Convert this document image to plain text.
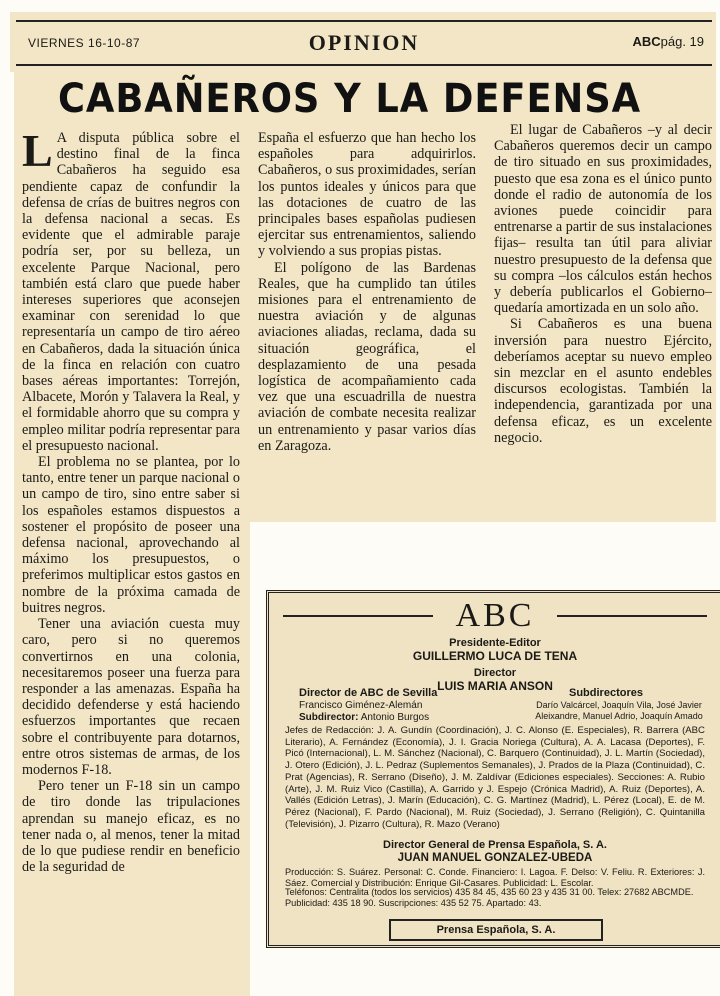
VIERNES 16-10-87	OPINION	ABCpág. 19
CABAÑEROS Y LA DEFENSA

L A disputa pública sobre el destino final de la finca Cabañeros ha seguido esa pendiente capaz de confundir la defensa de crías de buitres negros con la defensa nacional a secas. Es evidente que el admirable paraje podría ser, por su belleza, un excelente Parque Nacional, pero también está claro que puede haber intereses superiores que aconsejen examinar con serenidad lo que representaría un campo de tiro aéreo en Cabañeros, dada la situación única de la finca en relación con cuatro bases aéreas importantes: Torrejón, Albacete, Morón y Talavera la Real, y el formidable ahorro que su compra y empleo militar podría representar para el presupuesto nacional.

El problema no se plantea, por lo tanto, entre tener un parque nacional o un campo de tiro, sino entre saber si los españoles estamos dispuestos a sostener el propósito de poseer una defensa nacional, aprovechando al máximo los presupuestos, o preferimos multiplicar estos gastos en nombre de la próxima camada de buitres negros.

Tener una aviación cuesta muy caro, pero si no queremos convertirnos en una colonia, necesitaremos poseer una fuerza para responder a las amenazas. España ha decidido defenderse y está haciendo esfuerzos importantes que recaen sobre el contribuyente para dotarnos, entre otros sistemas de armas, de los modernos F-18.

Pero tener un F-18 sin un campo de tiro donde las tripulaciones aprendan su manejo eficaz, es no tener nada o, al menos, tener la mitad de lo que pudiese rendir en beneficio de la seguridad de

España el esfuerzo que han hecho los españoles para adquirirlos. Cabañeros, o sus proximidades, serían los puntos ideales y únicos para que las dotaciones de cuatro de las principales bases españolas pudiesen ejercitar sus entrenamientos, saliendo y volviendo a sus propias pistas.

El polígono de las Bardenas Reales, que ha cumplido tan útiles misiones para el entrenamiento de nuestra aviación y de algunas aviaciones aliadas, reclama, dada su situación geográfica, el desplazamiento de una pesada logística de acompañamiento cada vez que una escuadrilla de nuestra aviación de combate necesita realizar un entrenamiento y pasar varios días en Zaragoza.

El lugar de Cabañeros –y al decir Cabañeros queremos decir un campo de tiro situado en sus proximidades, puesto que esa zona es el único punto donde el radio de autonomía de los aviones puede coincidir para entrenarse a partir de sus instalaciones fijas– resulta tan útil para aliviar nuestro presupuesto de la defensa que su compra –los cálculos están hechos y debería publicarlos el Gobierno– quedaría amortizada en un solo año.

Si Cabañeros es una buena inversión para nuestro Ejército, deberíamos aceptar su nuevo empleo sin mezclar en el asunto endebles discursos ecologistas. También la independencia, garantizada por una defensa eficaz, es un excelente negocio.

ABC
Presidente-Editor
GUILLERMO LUCA DE TENA
Director
LUIS MARIA ANSON
Director de ABC de Sevilla
Francisco Giménez-Alemán
Subdirector: Antonio Burgos
Subdirectores
Darío Valcárcel, Joaquín Vila, José Javier Aleixandre, Manuel Adrio, Joaquín Amado
Jefes de Redacción: J. A. Gundín (Coordinación), J. C. Alonso (E. Especiales), R. Barrera (ABC Literario), A. Fernández (Economía), J. I. Gracia Noriega (Cultura), A. A. Lacasa (Deportes), F. Picó (Internacional), L. M. Sánchez (Nacional), C. Barquero (Continuidad), J. L. Martín (Sociedad), J. Otero (Edición), J. L. Pedraz (Suplementos Semanales), J. Prados de la Plaza (Continuidad), C. Prat (Agencias), R. Serrano (Diseño), J. M. Zaldívar (Ediciones especiales). Secciones: A. Rubio (Arte), J. M. Ruiz Vico (Castilla), A. Garrido y J. Espejo (Crónica Madrid), A. Ruiz (Deportes), A. Vallés (Edición Letras), J. Marín (Educación), C. G. Martínez (Madrid), L. Pérez (Local), E. de M. Pérez (Nacional), F. Pardo (Nacional), M. Ruiz (Sociedad), J. Serrano (Religión), C. Quintanilla (Televisión), J. Pizarro (Cultura), R. Mazo (Verano)
Director General de Prensa Española, S. A.
JUAN MANUEL GONZALEZ-UBEDA
Producción: S. Suárez. Personal: C. Conde. Financiero: I. Lagoa. F. Delso: V. Feliu. R. Exteriores: J. Sáez. Comercial y Distribución: Enrique Gil-Casares. Publicidad: L. Escolar.
Teléfonos: Centralita (todos los servicios) 435 84 45, 435 60 23 y 435 31 00. Telex: 27682 ABCMDE. Publicidad: 435 18 90. Suscripciones: 435 52 75. Apartado: 43.
Prensa Española, S. A.
